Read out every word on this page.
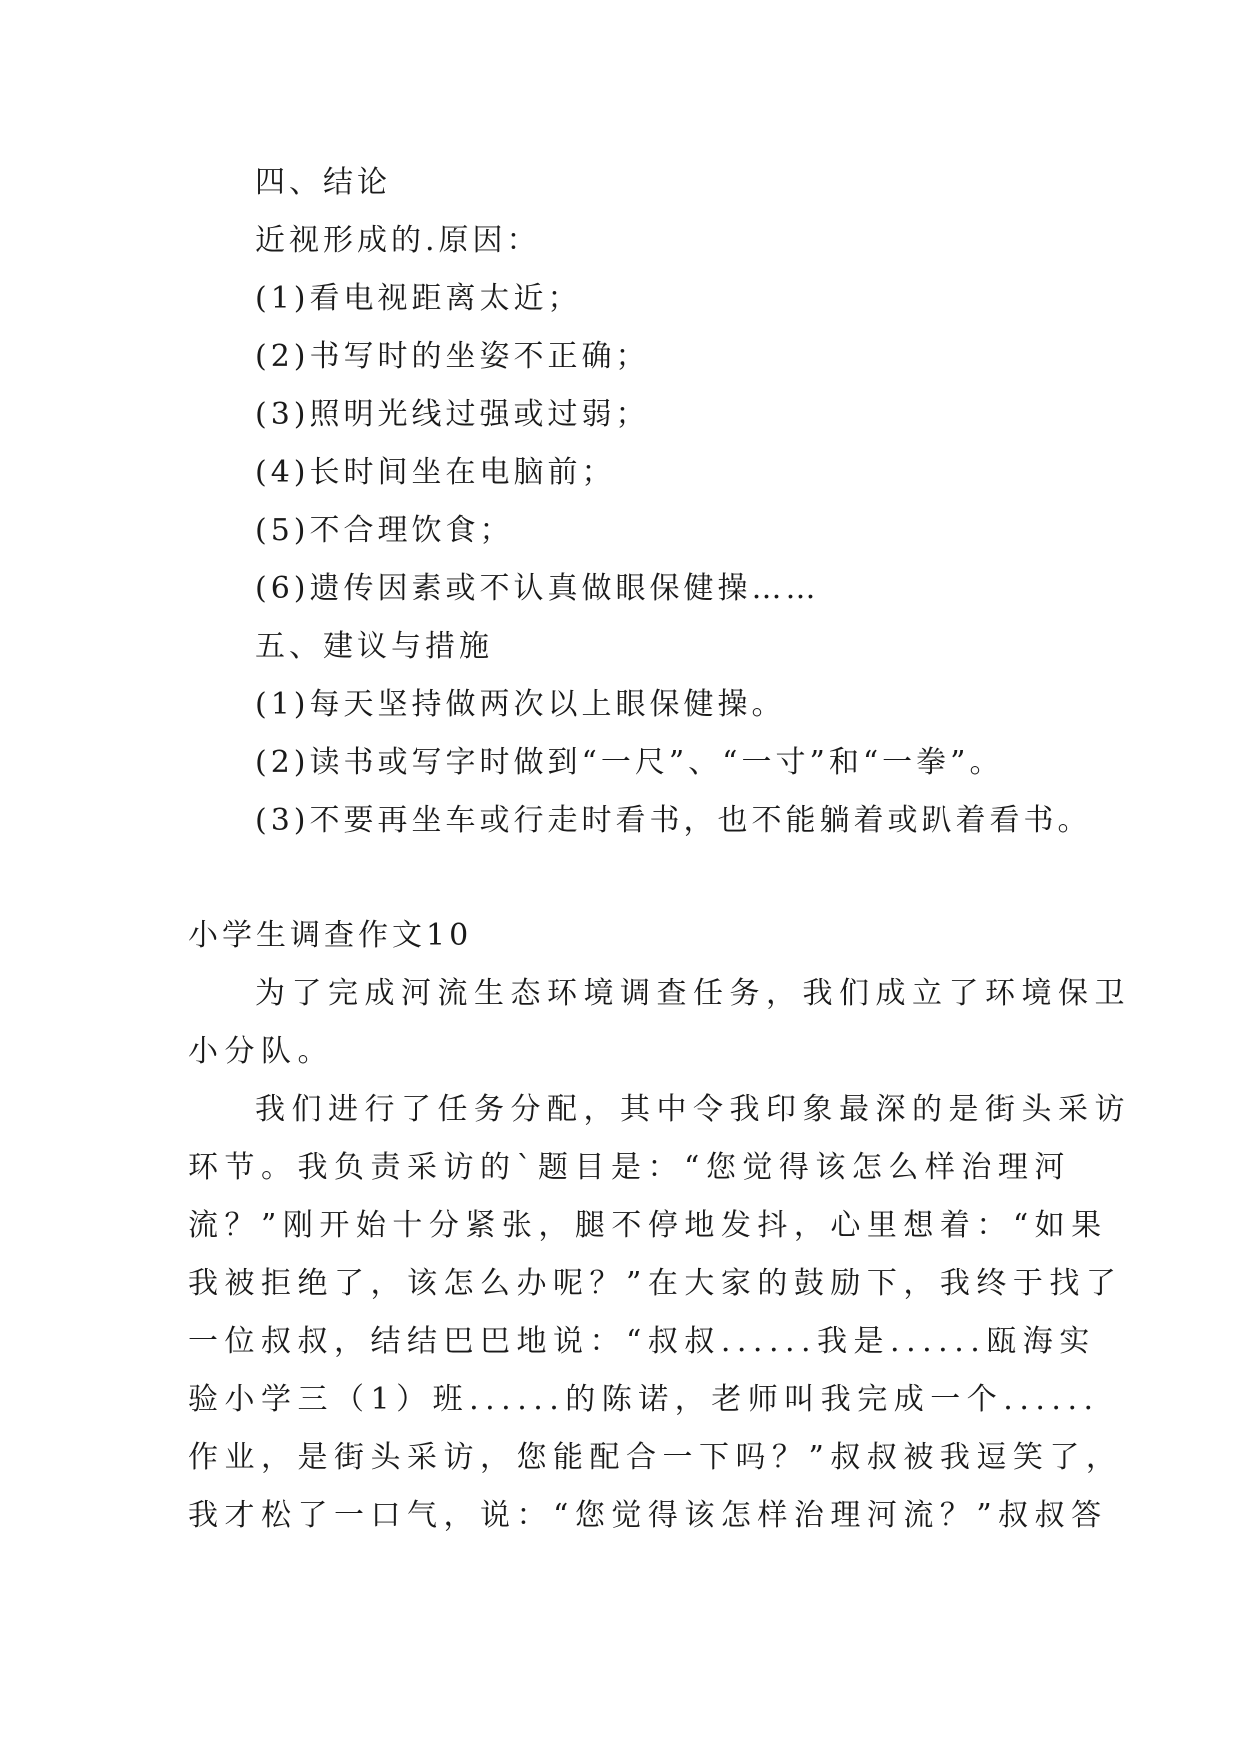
四、结论
近视形成的.原因：
(1)看电视距离太近；
(2)书写时的坐姿不正确；
(3)照明光线过强或过弱；
(4)长时间坐在电脑前；
(5)不合理饮食；
(6)遗传因素或不认真做眼保健操……
五、建议与措施
(1)每天坚持做两次以上眼保健操。
(2)读书或写字时做到“一尺”、“一寸”和“一拳”。
(3)不要再坐车或行走时看书，也不能躺着或趴着看书。
小学生调查作文10
为了完成河流生态环境调查任务，我们成立了环境保卫
小分队。
我们进行了任务分配，其中令我印象最深的是街头采访
环节。我负责采访的`题目是：“您觉得该怎么样治理河
流？”刚开始十分紧张，腿不停地发抖，心里想着：“如果
我被拒绝了，该怎么办呢？”在大家的鼓励下，我终于找了
一位叔叔，结结巴巴地说：“叔叔......我是......瓯海实
验小学三（1）班......的陈诺，老师叫我完成一个......
作业，是街头采访，您能配合一下吗？”叔叔被我逗笑了，
我才松了一口气，说：“您觉得该怎样治理河流？”叔叔答
